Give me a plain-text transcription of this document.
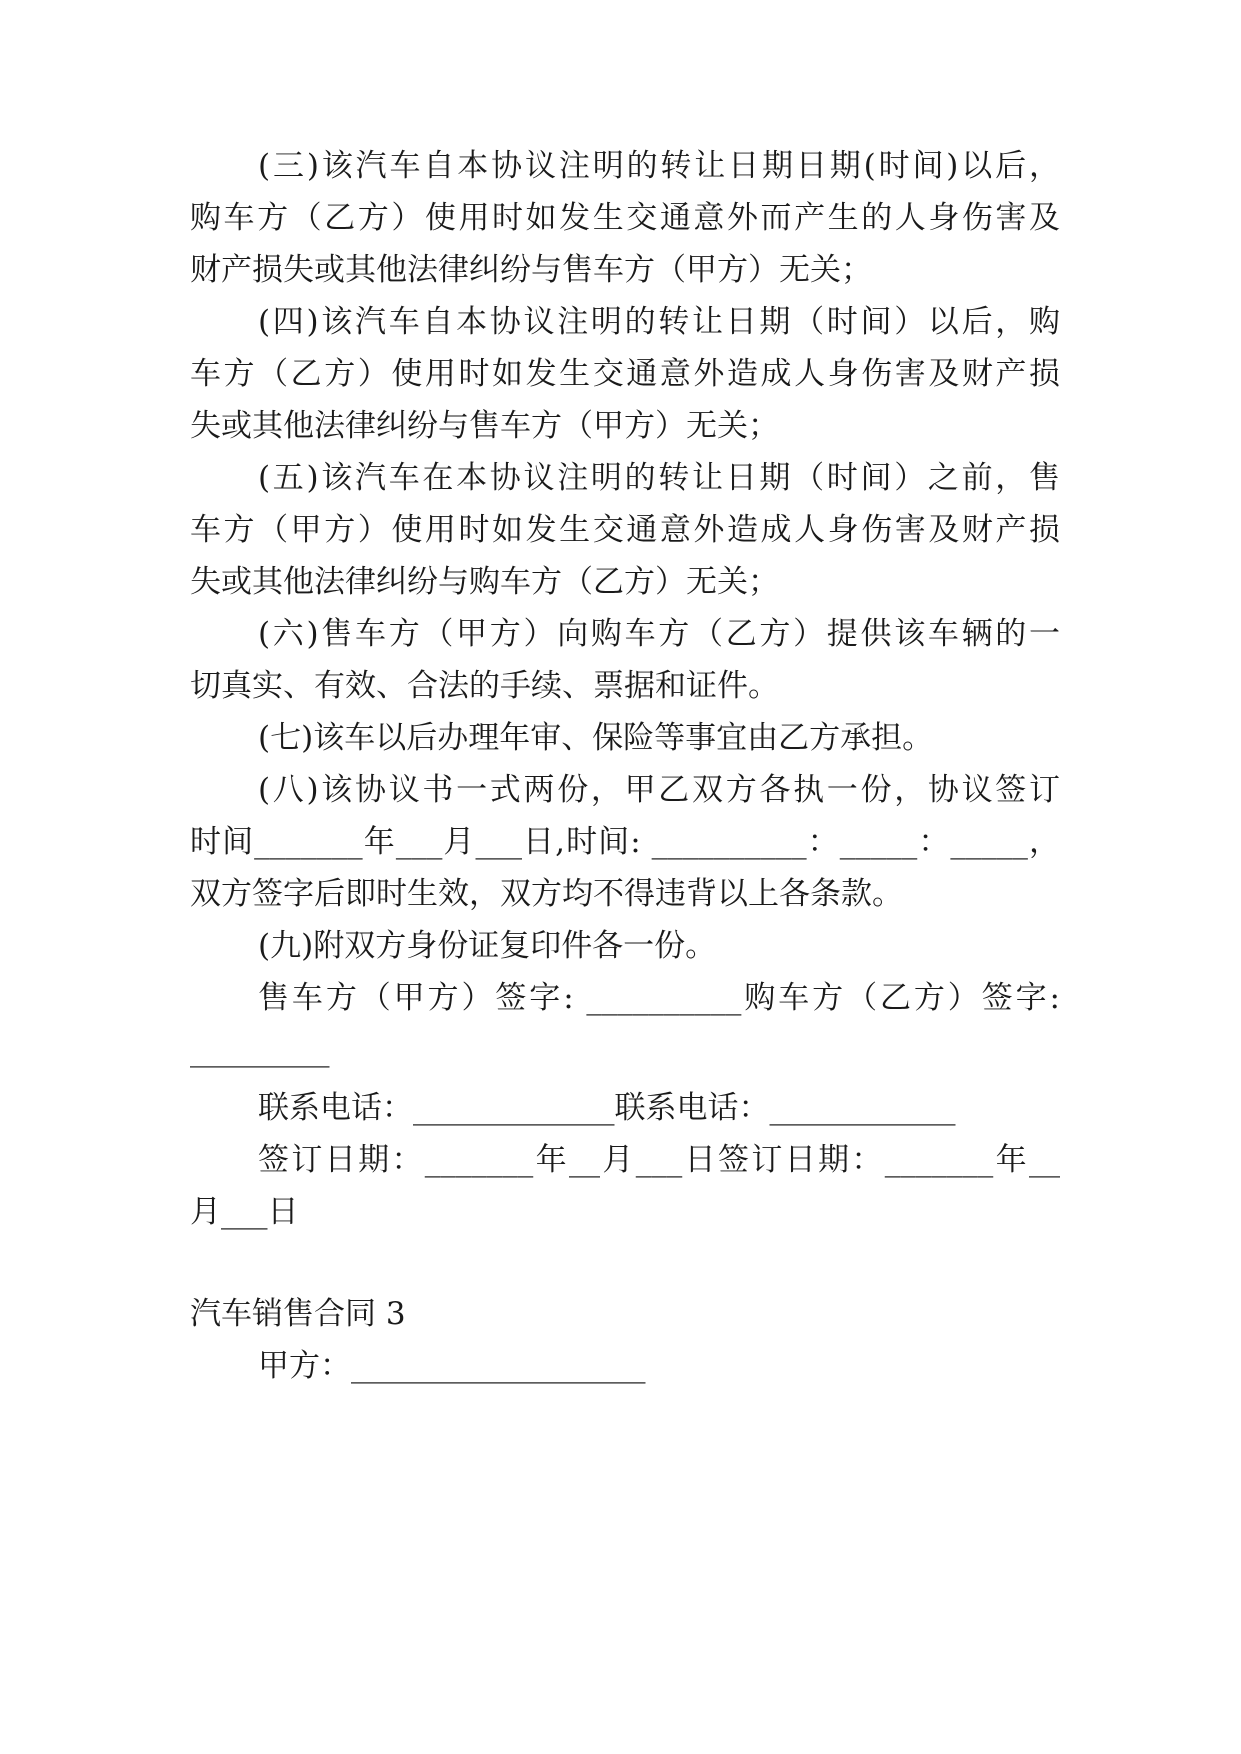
(三)该汽车自本协议注明的转让日期日期(时间)以后，
购车方（乙方）使用时如发生交通意外而产生的人身伤害及
财产损失或其他法律纠纷与售车方（甲方）无关；
(四)该汽车自本协议注明的转让日期（时间）以后，购
车方（乙方）使用时如发生交通意外造成人身伤害及财产损
失或其他法律纠纷与售车方（甲方）无关；
(五)该汽车在本协议注明的转让日期（时间）之前，售
车方（甲方）使用时如发生交通意外造成人身伤害及财产损
失或其他法律纠纷与购车方（乙方）无关；
(六)售车方（甲方）向购车方（乙方）提供该车辆的一
切真实、有效、合法的手续、票据和证件。
(七)该车以后办理年审、保险等事宜由乙方承担。
(八)该协议书一式两份，甲乙双方各执一份，协议签订
时间_______年___月___日,时间: __________：_____：_____，
双方签字后即时生效，双方均不得违背以上各条款。
(九)附双方身份证复印件各一份。
售车方（甲方）签字: __________购车方（乙方）签字:
_________
联系电话：_____________联系电话：____________
签订日期：_______年__月___日签订日期：_______年__
月___日
汽车销售合同 3
甲方：___________________
